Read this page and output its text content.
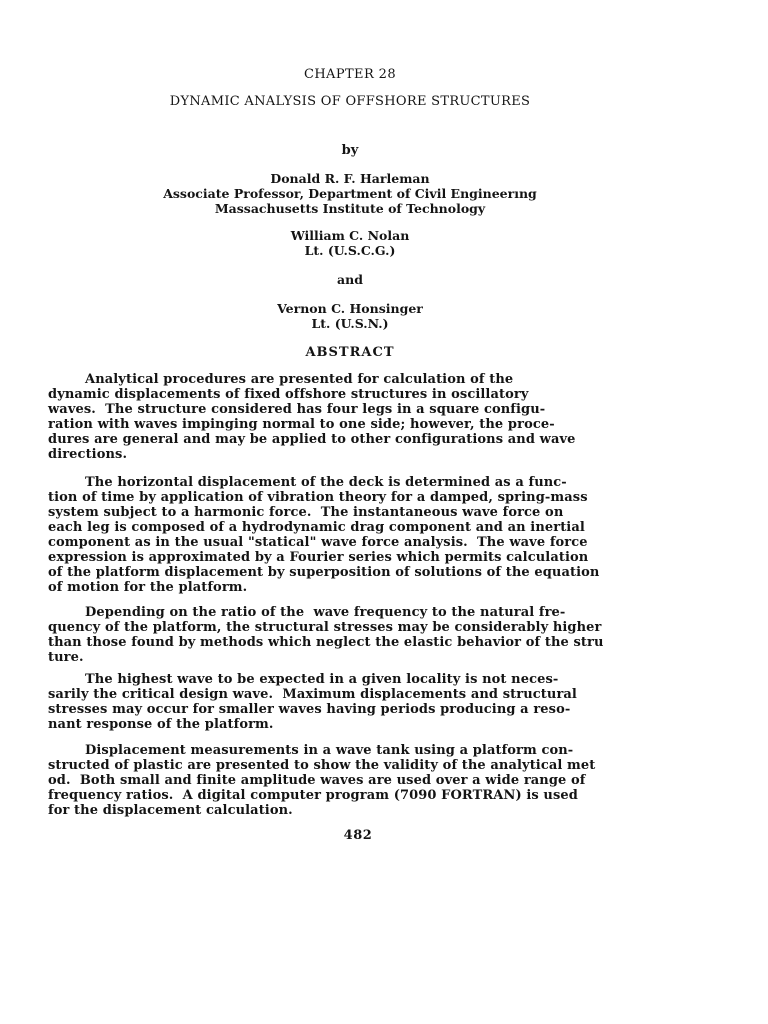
CHAPTER 28
DYNAMIC ANALYSIS OF OFFSHORE STRUCTURES
by
Donald R. F. Harleman
Associate Professor, Department of Civil Engineerıng
Massachusetts Institute of Technology
William C. Nolan
Lt. (U.S.C.G.)
and
Vernon C. Honsinger
Lt. (U.S.N.)
ABSTRACT
Analytical procedures are presented for calculation of the
dynamic displacements of fixed offshore structures in oscillatory
waves.  The structure considered has four legs in a square configu-
ration with waves impinging normal to one side; however, the proce-
dures are general and may be applied to other configurations and wave
directions.
The horizontal displacement of the deck is determined as a func-
tion of time by application of vibration theory for a damped, spring-mass
system subject to a harmonic force.  The instantaneous wave force on
each leg is composed of a hydrodynamic drag component and an inertial
component as in the usual "statical" wave force analysis.  The wave force
expression is approximated by a Fourier series which permits calculation
of the platform displacement by superposition of solutions of the equation
of motion for the platform.
Depending on the ratio of the  wave frequency to the natural fre-
quency of the platform, the structural stresses may be considerably higher
than those found by methods which neglect the elastic behavior of the stru
ture.
The highest wave to be expected in a given locality is not neces-
sarily the critical design wave.  Maximum displacements and structural
stresses may occur for smaller waves having periods producing a reso-
nant response of the platform.
Displacement measurements in a wave tank using a platform con-
structed of plastic are presented to show the validity of the analytical met
od.  Both small and finite amplitude waves are used over a wide range of
frequency ratios.  A digital computer program (7090 FORTRAN) is used
for the displacement calculation.
482
